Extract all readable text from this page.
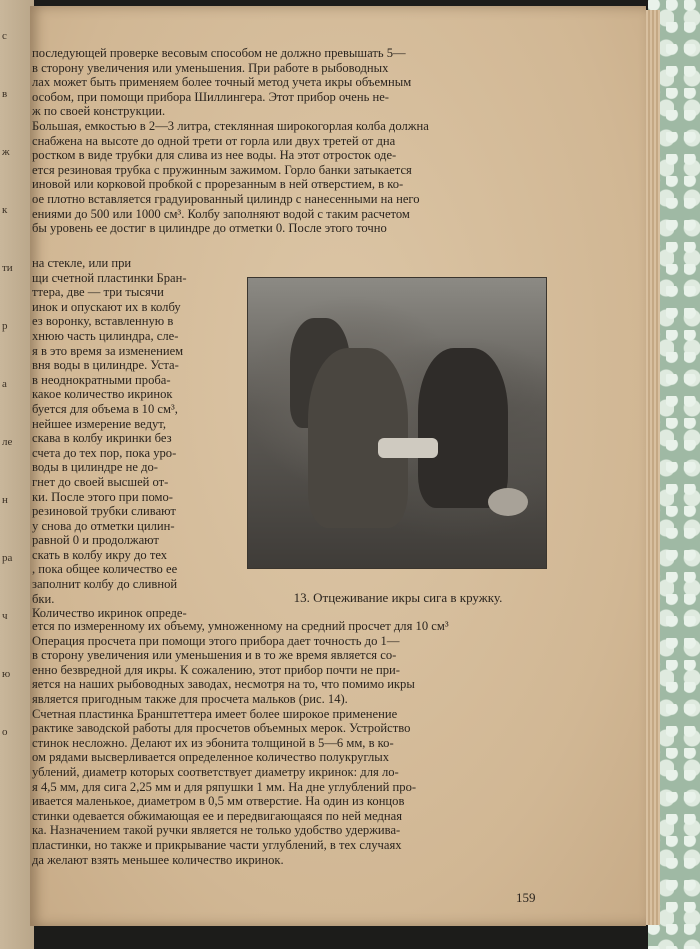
с
в
ж
к
ти
р
а
ле
н
ра
ч
ю
о
последующей проверке весовым способом не должно превышать 5—
в сторону увеличения или уменьшения. При работе в рыбоводных
лах может быть применяем более точный метод учета икры объемным
особом, при помощи прибора Шиллингера. Этот прибор очень не-
ж по своей конструкции.
Большая, емкостью в 2—3 литра, стеклянная широкогорлая колба должна
снабжена на высоте до одной трети от горла или двух третей от дна
ростком в виде трубки для слива из нее воды. На этот отросток оде-
ется резиновая трубка с пружинным зажимом. Горло банки затыкается
иновой или корковой пробкой с прорезанным в ней отверстием, в ко-
ое плотно вставляется градуированный цилиндр с нанесенными на него
ениями до 500 или 1000 см³. Колбу заполняют водой с таким расчетом
бы уровень ее достиг в цилиндре до отметки 0. После этого точно
на стекле, или при
щи счетной пластинки Бран-
ттера, две — три тысячи
инок и опускают их в колбу
ез воронку, вставленную в
хнюю часть цилиндра, сле-
я в это время за изменением
вня воды в цилиндре. Уста-
в неоднократными проба-
какое количество икринок
буется для объема в 10 см³,
нейшее измерение ведут,
скава в колбу икринки без
счета до тех пор, пока уро-
воды в цилиндре не до-
гнет до своей высшей от-
ки. После этого при помо-
резиновой трубки сливают
у снова до отметки цилин-
равной 0 и продолжают
скать в колбу икру до тех
, пока общее количество ее
заполнит колбу до сливной
бки.
Количество икринок опреде-
13. Отцеживание икры сига в кружку.
ется по измеренному их объему, умноженному на средний просчет для 10 см³
Операция просчета при помощи этого прибора дает точность до 1—
в сторону увеличения или уменьшения и в то же время является со-
енно безвредной для икры. К сожалению, этот прибор почти не при-
яется на наших рыбоводных заводах, несмотря на то, что помимо икры
является пригодным также для просчета мальков (рис. 14).
Счетная пластинка Бранштеттера имеет более широкое применение
рактике заводской работы для просчетов объемных мерок. Устройство
стинок несложно. Делают их из эбонита толщиной в 5—6 мм, в ко-
ом рядами высверливается определенное количество полукруглых
ублений, диаметр которых соответствует диаметру икринок: для ло-
я 4,5 мм, для сига 2,25 мм и для ряпушки 1 мм. На дне углублений про-
ивается маленькое, диаметром в 0,5 мм отверстие. На один из концов
стинки одевается обжимающая ее и передвигающаяся по ней медная
ка. Назначением такой ручки является не только удобство удержива-
пластинки, но также и прикрывание части углублений, в тех случаях
да желают взять меньшее количество икринок.
159
